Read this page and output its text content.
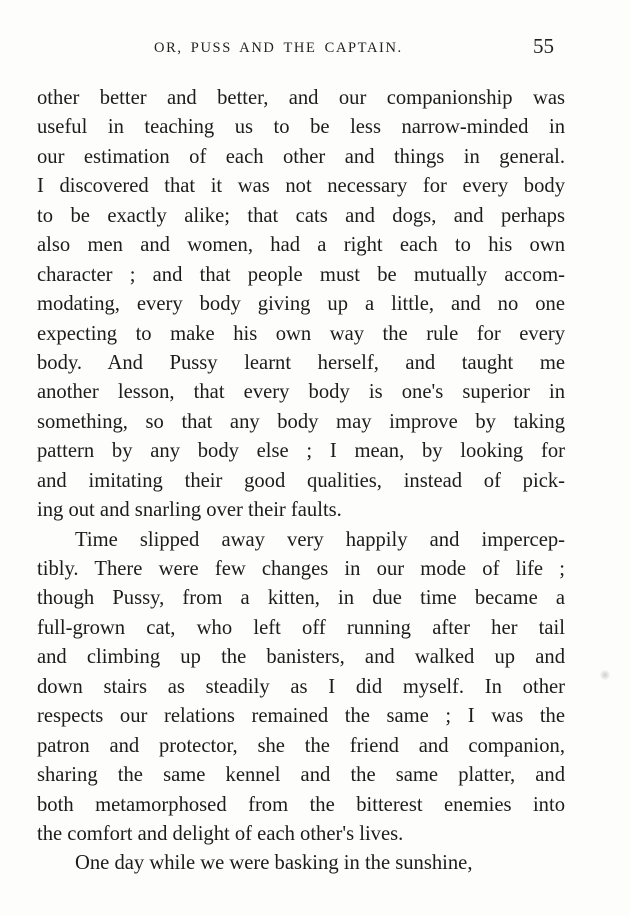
OR, PUSS AND THE CAPTAIN.	55
other better and better, and our companionship was
useful in teaching us to be less narrow-minded in
our estimation of each other and things in general.
I discovered that it was not necessary for every body
to be exactly alike; that cats and dogs, and perhaps
also men and women, had a right each to his own
character ; and that people must be mutually accom-
modating, every body giving up a little, and no one
expecting to make his own way the rule for every
body. And Pussy learnt herself, and taught me
another lesson, that every body is one's superior in
something, so that any body may improve by taking
pattern by any body else ; I mean, by looking for
and imitating their good qualities, instead of pick-
ing out and snarling over their faults.
Time slipped away very happily and impercep-
tibly. There were few changes in our mode of life ;
though Pussy, from a kitten, in due time became a
full-grown cat, who left off running after her tail
and climbing up the banisters, and walked up and
down stairs as steadily as I did myself. In other
respects our relations remained the same ; I was the
patron and protector, she the friend and companion,
sharing the same kennel and the same platter, and
both metamorphosed from the bitterest enemies into
the comfort and delight of each other's lives.
One day while we were basking in the sunshine,
